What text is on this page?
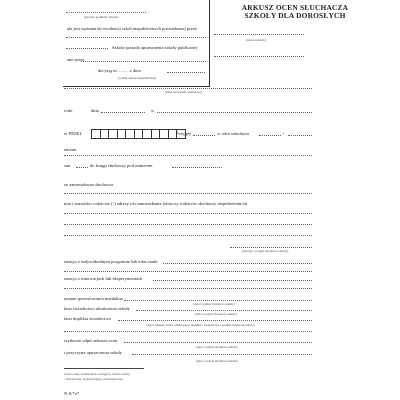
(pieczęć podłużna szkoły)
ała jest wpisana do ewidencji szkół niepublicznych prowadzonej przez
Szkoła posiada uprawnienia szkoły publicznej
ane przez
decyzją nr ......... z dnia
(rodzaj szkoły niepublicznej)
ARKUSZ OCEN SŁUCHACZA
SZKOŁY DLA DOROSŁYCH
(nazwa szkoły)
(imię i nazwisko słuchacza)
rodz.	dnia	w
er PESEL	Przyjęty	w roku szkolnym	/
zmenir
sun	do księgi słuchaczy pod numerem
ze zamieszkania słuchacza
mia i nazwisko rodziców (-) adresy ich zamieszkania (dotyczy rodziców słuchaczy niepełnoletnich)
(pieczęć i podpis dyrektora szkoły)
rmacja o indywidualnym programie lub toku nauki
rmacja o innowacjach lub eksperymentach
onanie spreostowania miedzkua
(data i podpis dyrektora szkoły)
lano świadectwo ukończenia szkoły
(data i podpis dyrektora szkoły)
lano duplikat świadectwa
(data i numer, osoby odbierającej duplikat / świadectwa i podpis dyrektora szkoły)
rzydzono odpis arkusza ocen
(data i podpis dyrektora szkoły)
i przyczyna opuszczenia szkoły
(data i podpis dyrektora szkoły)
rzom o inny uzdatacjach: wdrągacy, bardzo dobry,
; dostateczny, dopuszczający, niedostateczny.
N-0/7e7
